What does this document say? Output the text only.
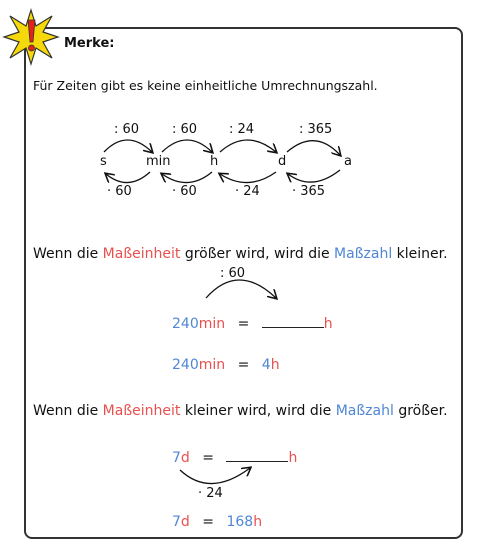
Merke:
Für Zeiten gibt es keine einheitliche Umrechnungszahl.
: 60	: 60 : 24	: 365
s	min	h	d	a
· 60	· 60	· 24 · 365
Wenn die Maßeinheit größer wird, wird die Maßzahl kleiner.
: 60
240min =	h
240min = 4h
Wenn die Maßeinheit kleiner wird, wird die Maßzahl größer.
7d =	h
· 24
7d = 168h
